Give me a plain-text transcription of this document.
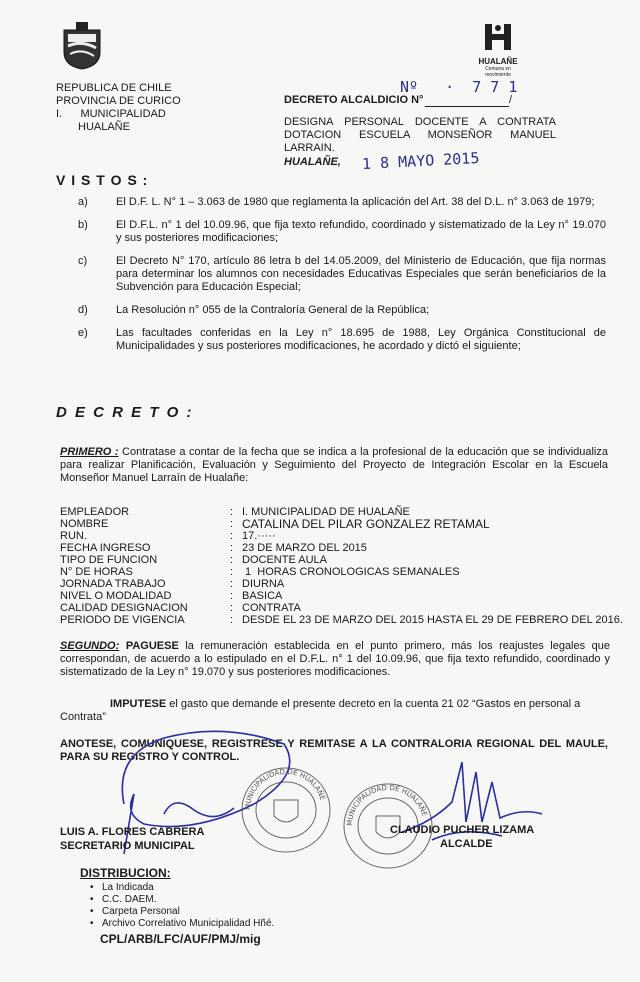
HUALAÑE
Comuna en movimiento
REPUBLICA DE CHILE
PROVINCIA DE CURICO
I.      MUNICIPALIDAD
HUALAÑE
DECRETO ALCALDICIO N°	/
Nº   ·  7 7 1
DESIGNA PERSONAL DOCENTE A CONTRATA DOTACION ESCUELA MONSEÑOR MANUEL LARRAIN.
HUALAÑE, 1 8 MAYO 2015
V I S T O S :
a)	El D.F. L. N° 1 – 3.063 de 1980 que reglamenta la aplicación del Art. 38 del D.L. n° 3.063 de 1979;
b)	El D.F.L. n° 1 del 10.09.96, que fija texto refundido, coordinado y sistematizado de la Ley n° 19.070 y sus posteriores modificaciones;
c)	El Decreto N° 170, artículo 86 letra b del 14.05.2009, del Ministerio de Educación, que fija normas para determinar los alumnos con necesidades Educativas Especiales que serán beneficiarios de la Subvención para Educación Especial;
d)	La Resolución n° 055 de la Contraloría General de la República;
e)	Las facultades conferidas en la Ley n° 18.695 de 1988, Ley Orgánica Constitucional de Municipalidades y sus posteriores modificaciones, he acordado y dictó el siguiente;
D E C R E T O :
PRIMERO : Contratase a contar de la fecha que se indica a la profesional de la educación que se individualiza para realizar Planificación, Evaluación y Seguimiento del Proyecto de Integración Escolar en la Escuela Monseñor Manuel Larraín de Hualañe:
EMPLEADOR	: I. MUNICIPALIDAD DE HUALAÑE
NOMBRE	: CATALINA DEL PILAR GONZALEZ RETAMAL
RUN.	: 17.·····
FECHA INGRESO	: 23 DE MARZO DEL 2015
TIPO DE FUNCION	: DOCENTE AULA
N° DE HORAS	: 1  HORAS CRONOLOGICAS SEMANALES
JORNADA TRABAJO	: DIURNA
NIVEL O MODALIDAD	: BASICA
CALIDAD DESIGNACION	: CONTRATA
PERIODO DE VIGENCIA	: DESDE EL 23 DE MARZO DEL 2015 HASTA EL 29 DE FEBRERO DEL 2016.
SEGUNDO: PAGUESE la remuneración establecida en el punto primero, más los reajustes legales que correspondan, de acuerdo a lo estipulado en el D.F.L. n° 1 del 10.09.96, que fija texto refundido, coordinado y sistematizado de la Ley n° 19.070 y sus posteriores modificaciones.
IMPUTESE el gasto que demande el presente decreto en la cuenta 21 02 “Gastos en personal a Contrata”
ANOTESE, COMUNIQUESE, REGISTRESE Y REMITASE A LA CONTRALORIA REGIONAL DEL MAULE, PARA SU REGISTRO Y CONTROL.
MUNICIPALIDAD DE HUALAÑE
MUNICIPALIDAD DE HUALAÑE
LUIS A. FLORES CABRERA
SECRETARIO MUNICIPAL
CLAUDIO PUCHER LIZAMA
ALCALDE
DISTRIBUCION:
• La Indicada
• C.C. DAEM.
• Carpeta Personal
• Archivo Correlativo Municipalidad Hñé.
CPL/ARB/LFC/AUF/PMJ/mig
